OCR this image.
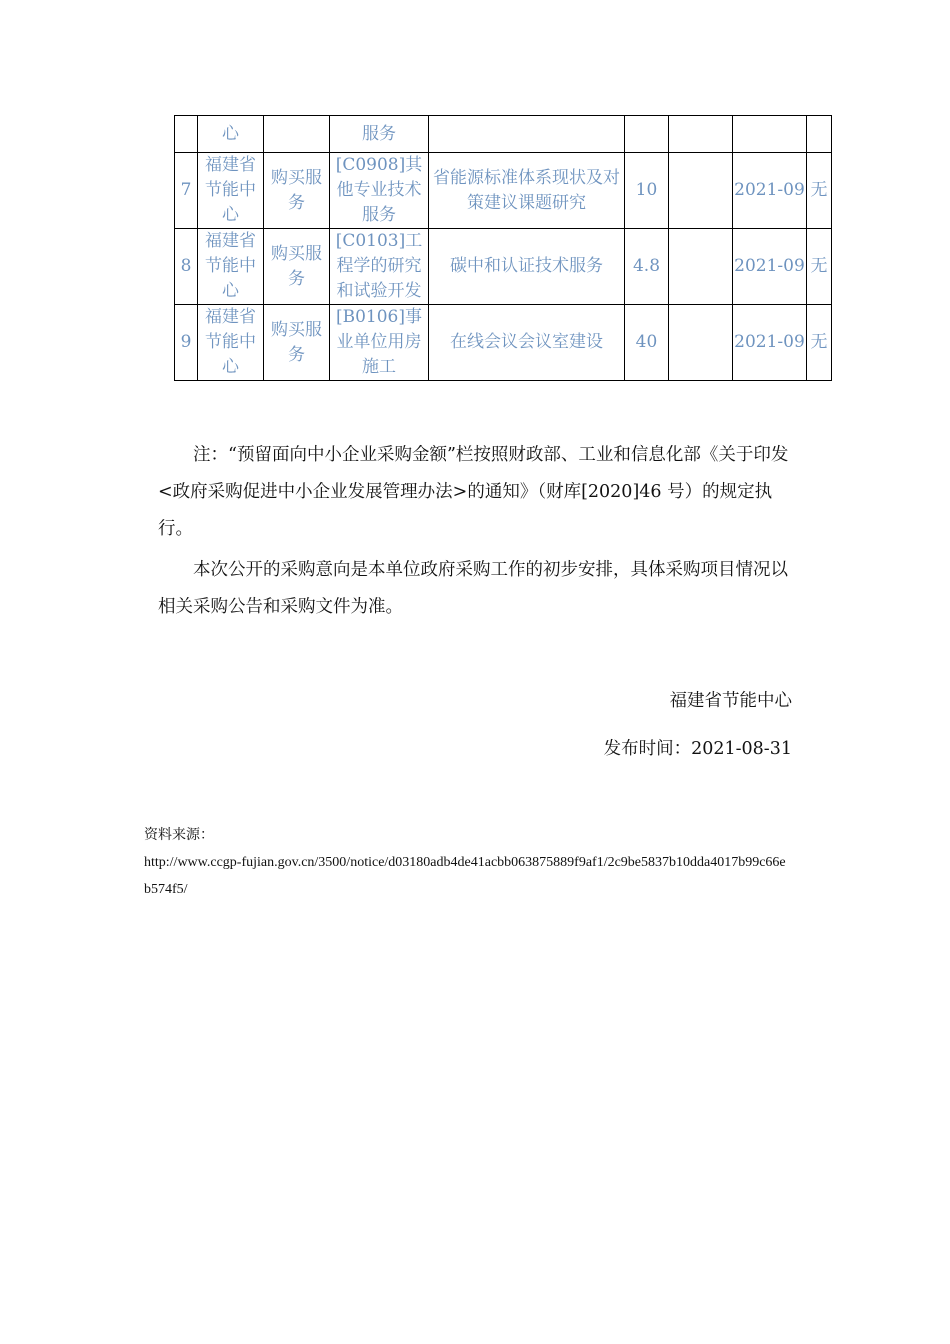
	心		服务					
7	福建省节能中心	购买服务	[C0908]其他专业技术服务	省能源标准体系现状及对策建议课题研究	10		2021-09	无
8	福建省节能中心	购买服务	[C0103]工程学的研究和试验开发	碳中和认证技术服务	4.8		2021-09	无
9	福建省节能中心	购买服务	[B0106]事业单位用房施工	在线会议会议室建设	40		2021-09	无

注：“预留面向中小企业采购金额”栏按照财政部、工业和信息化部《关于印发<政府采购促进中小企业发展管理办法>的通知》（财库[2020]46 号）的规定执行。

本次公开的采购意向是本单位政府采购工作的初步安排，具体采购项目情况以相关采购公告和采购文件为准。

福建省节能中心
发布时间：2021-08-31
资料来源：
http://www.ccgp-fujian.gov.cn/3500/notice/d03180adb4de41acbb063875889f9af1/2c9be5837b10dda4017b99c66e
b574f5/
